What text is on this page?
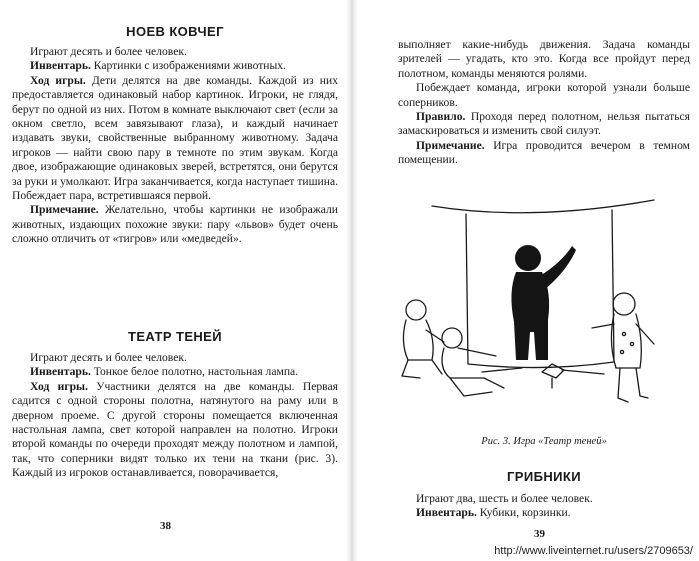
НОЕВ КОВЧЕГ

Играют десять и более человек.

Инвентарь. Картинки с изображениями животных.

Ход игры. Дети делятся на две команды. Каждой из них предоставляется одинаковый набор картинок. Игроки, не глядя, берут по одной из них. Потом в комнате выключают свет (если за окном светло, всем завязывают глаза), и каждый начинает издавать звуки, свойственные выбранному животному. Задача игроков — найти свою пару в темноте по этим звукам. Когда двое, изображающие одинаковых зверей, встретятся, они берутся за руки и умолкают. Игра заканчивается, когда наступает тишина. Побеждает пара, встретившаяся первой.

Примечание. Желательно, чтобы картинки не изображали животных, издающих похожие звуки: пару «львов» будет очень сложно отличить от «тигров» или «медведей».

ТЕАТР ТЕНЕЙ

Играют десять и более человек.

Инвентарь. Тонкое белое полотно, настольная лампа.

Ход игры. Участники делятся на две команды. Первая садится с одной стороны полотна, натянутого на раму или в дверном проеме. С другой стороны помещается включенная настольная лампа, свет которой направлен на полотно. Игроки второй команды по очереди проходят между полотном и лампой, так, что соперники видят только их тени на ткани (рис. 3). Каждый из игроков останавливается, поворачивается,

38

выполняет какие-нибудь движения. Задача команды зрителей — угадать, кто это. Когда все пройдут перед полотном, команды меняются ролями.

Побеждает команда, игроки которой узнали больше соперников.

Правило. Проходя перед полотном, нельзя пытаться замаскироваться и изменить свой силуэт.

Примечание. Игра проводится вечером в темном помещении.

Рис. 3. Игра «Театр теней»
ГРИБНИКИ

Играют два, шесть и более человек.

Инвентарь. Кубики, корзинки.

39
http://www.liveinternet.ru/users/2709653/
